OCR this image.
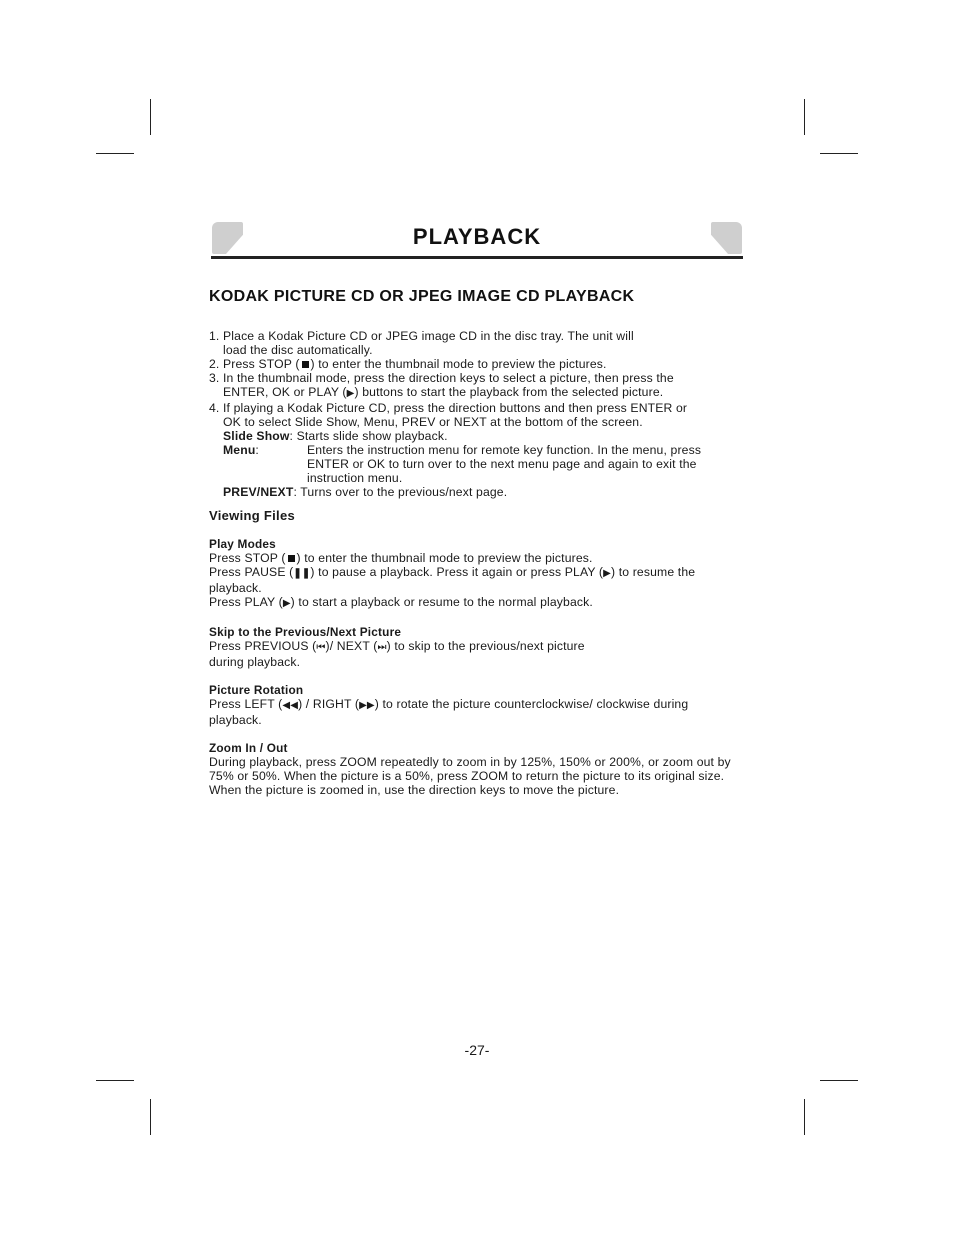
PLAYBACK
KODAK PICTURE CD OR JPEG IMAGE CD PLAYBACK

1. Place a Kodak Picture CD or JPEG image CD in the disc tray. The unit will

load the disc automatically.

2. Press STOP ( ) to enter the thumbnail mode to preview the pictures.

3. In the thumbnail mode, press the direction keys to select a picture, then press the

ENTER, OK or PLAY (▶) buttons to start the playback from the selected picture.

4. If playing a Kodak Picture CD, press the direction buttons and then press ENTER or

OK to select Slide Show, Menu, PREV or NEXT at the bottom of the screen.

Slide Show : Starts slide show playback.
Menu:	Enters the instruction menu for remote key function. In the menu, press ENTER or OK to turn over to the next menu page and again to exit the instruction menu.
PREV/NEXT : Turns over to the previous/next page.

Viewing Files

Play Modes

Press STOP ( ) to enter the thumbnail mode to preview the pictures.

Press PAUSE (❚❚) to pause a playback. Press it again or press PLAY (▶) to resume the playback.

Press PLAY (▶) to start a playback or resume to the normal playback.

Skip to the Previous/Next Picture

Press PREVIOUS (⏮)/ NEXT (⏭) to skip to the previous/next picture

during playback.

Picture Rotation

Press LEFT (◀◀) / RIGHT (▶▶) to rotate the picture counterclockwise/ clockwise during playback.

Zoom In / Out

During playback, press ZOOM repeatedly to zoom in by 125%, 150% or 200%, or zoom out by 75% or 50%. When the picture is a 50%, press ZOOM to return the picture to its original size.

When the picture is zoomed in, use the direction keys to move the picture.

-27-
